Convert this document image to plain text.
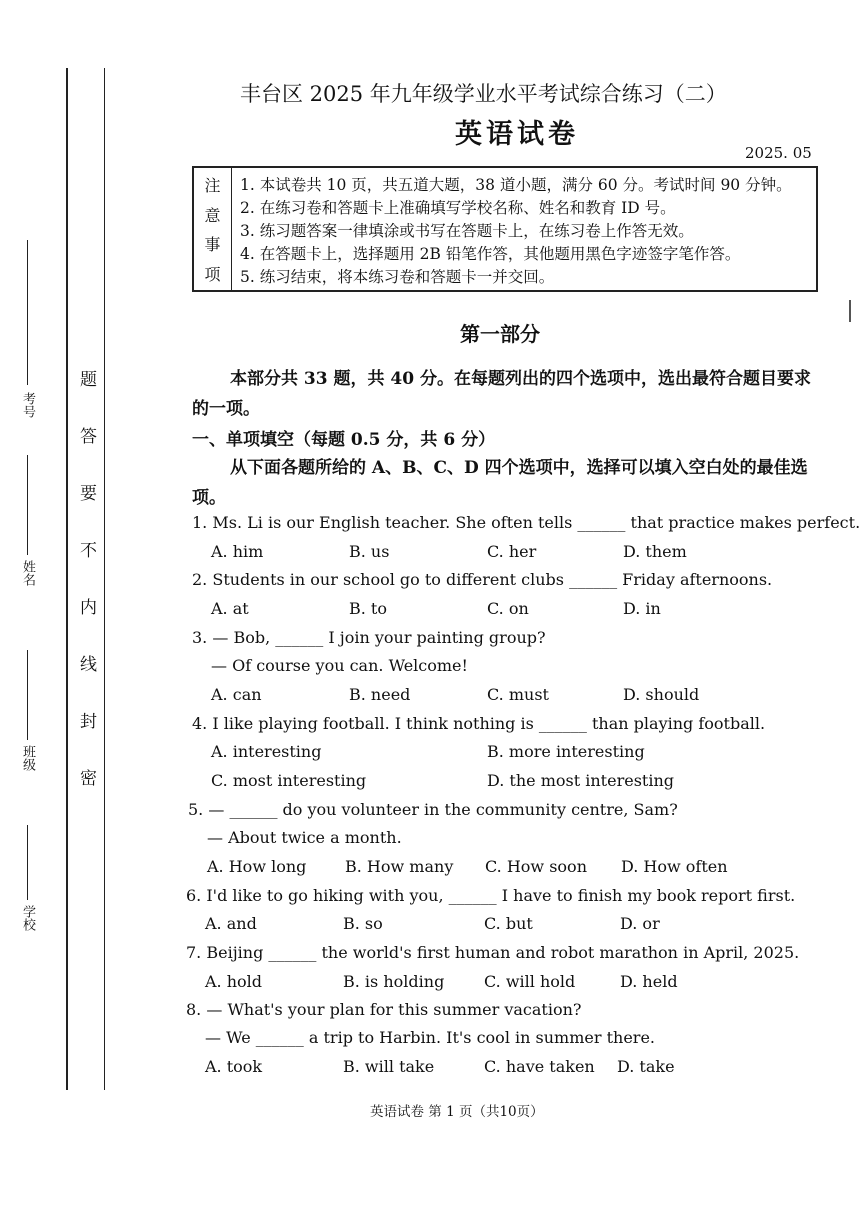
考号
姓名
班级
学校
题
答
要
不
内
线
封
密
丰台区 2025 年九年级学业水平考试综合练习（二）
英语试卷
2025. 05
注
意
事
项
1. 本试卷共 10 页，共五道大题，38 道小题，满分 60 分。考试时间 90 分钟。
2. 在练习卷和答题卡上准确填写学校名称、姓名和教育 ID 号。
3. 练习题答案一律填涂或书写在答题卡上，在练习卷上作答无效。
4. 在答题卡上，选择题用 2B 铅笔作答，其他题用黑色字迹签字笔作答。
5. 练习结束，将本练习卷和答题卡一并交回。
第一部分
本部分共 33 题，共 40 分。在每题列出的四个选项中，选出最符合题目要求的一项。
一、单项填空（每题 0.5 分，共 6 分）
从下面各题所给的 A、B、C、D 四个选项中，选择可以填入空白处的最佳选项。
1. Ms. Li is our English teacher. She often tells ______ that practice makes perfect.
A. him	B. us	C. her	D. them
2. Students in our school go to different clubs ______ Friday afternoons.
A. at	B. to	C. on	D. in
3. — Bob, ______ I join your painting group?
— Of course you can. Welcome!
A. can	B. need	C. must	D. should
4. I like playing football. I think nothing is ______ than playing football.
A. interesting	B. more interesting
C. most interesting	D. the most interesting
5. — ______ do you volunteer in the community centre, Sam?
— About twice a month.
A. How long B. How many C. How soon D. How often
6. I'd like to go hiking with you, ______ I have to finish my book report first.
A. and	B. so	C. but	D. or
7. Beijing ______ the world's first human and robot marathon in April, 2025.
A. hold	B. is holding C. will hold	D. held
8. — What's your plan for this summer vacation?
— We ______ a trip to Harbin. It's cool in summer there.
A. took	B. will take	C. have taken D. take
英语试卷 第 1 页（共10页）
